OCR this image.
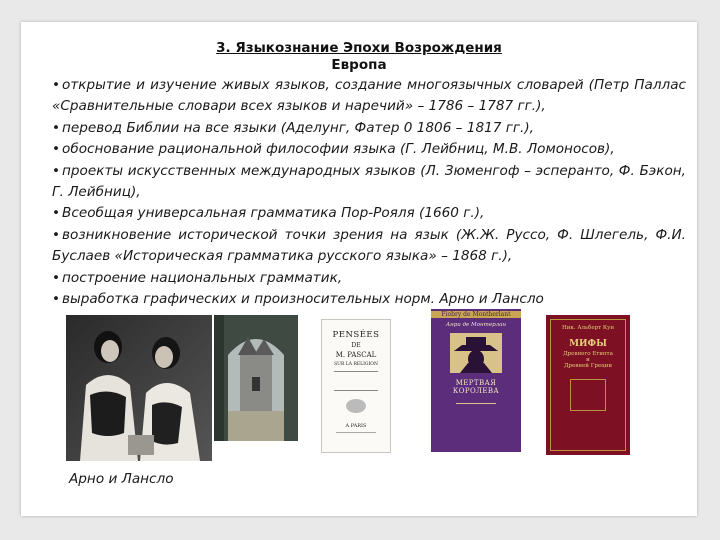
3. Языкознание Эпохи Возрождения
Европа
• открытие и изучение живых языков, создание многоязычных словарей (Петр Паллас «Сравнительные словари всех языков и наречий» – 1786 – 1787 гг.),
• перевод Библии на все языки (Аделунг, Фатер 0 1806 – 1817 гг.),
• обоснование рациональной философии языка (Г. Лейбниц, М.В. Ломоносов),
• проекты искусственных международных языков (Л. Зюменгоф – эсперанто, Ф. Бэкон, Г. Лейбниц),
• Всеобщая универсальная грамматика Пор-Рояля (1660 г.),
• возникновение исторической точки зрения на язык (Ж.Ж. Руссо, Ф. Шлегель, Ф.И. Буслаев «Историческая грамматика русского языка» – 1868 г.),
• построение национальных грамматик,
• выработка графических и произносительных норм. Арно и Лансло
PENSÉES
DE
M. PASCAL
SUR LA RELIGION
A PARIS
Fiobry de Montherlant
Анри де Монтерлан
МЕРТВАЯ
КОРОЛЕВА
Ник. Альберт Кун
МИФЫ
Древнего Египта
и
Древней Греции
Арно и Лансло
